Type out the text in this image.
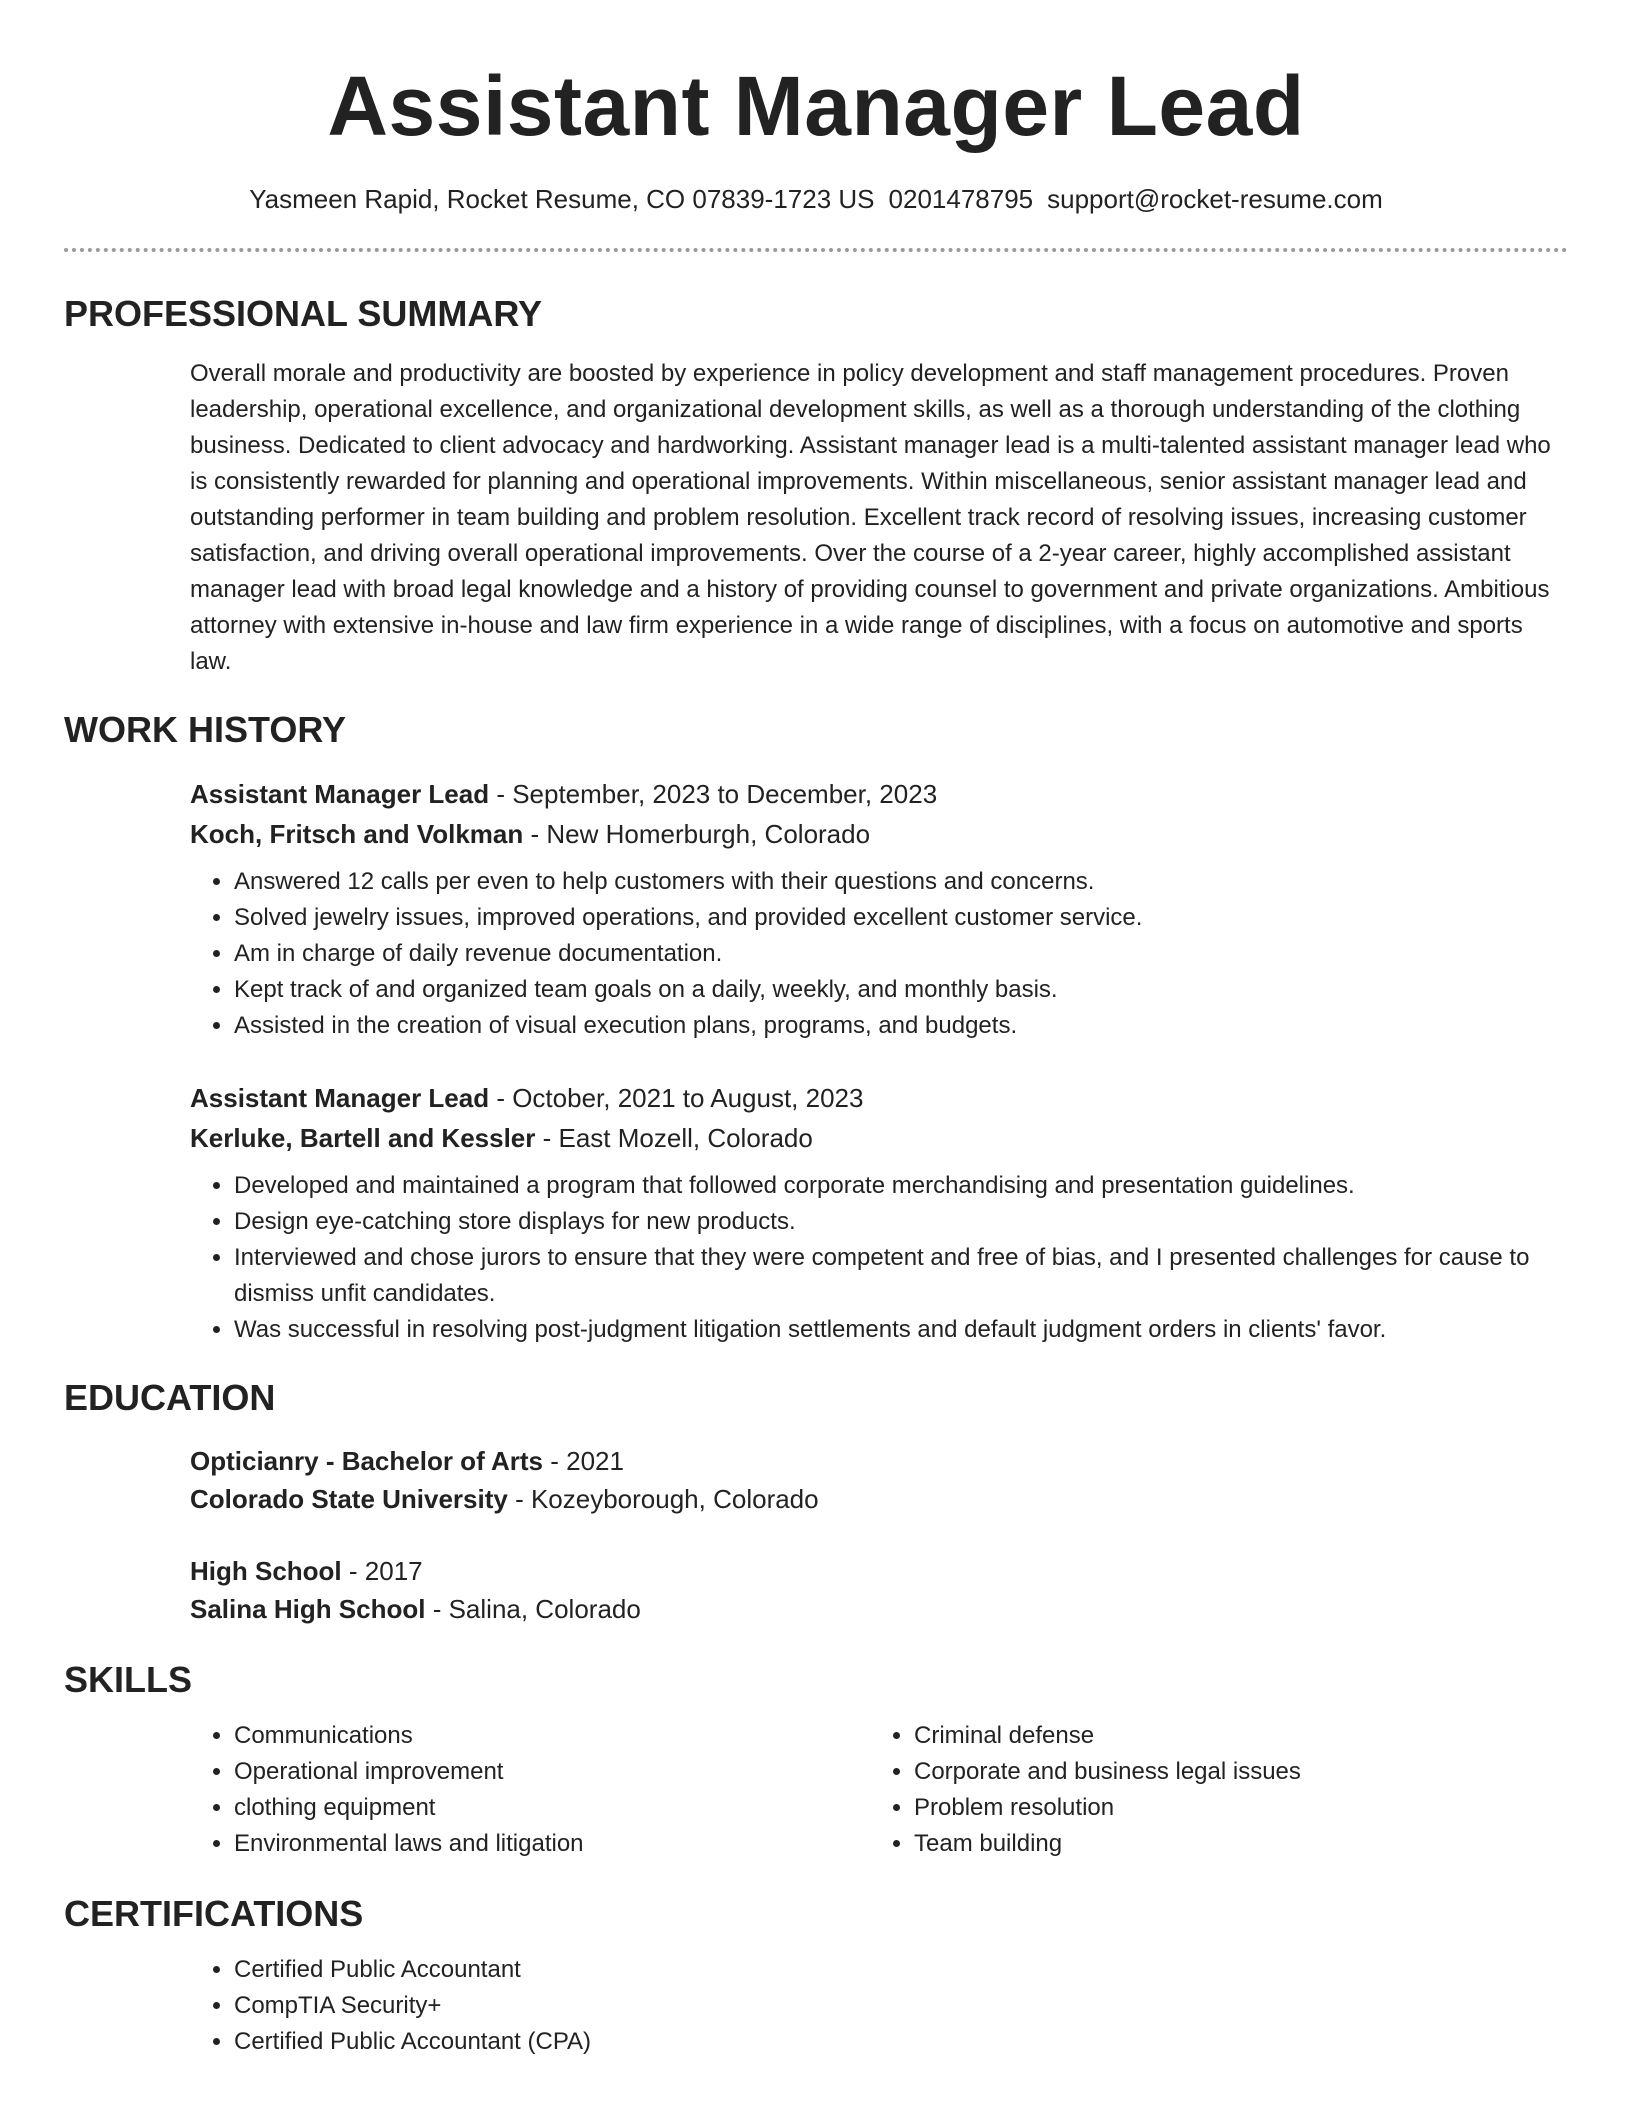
Assistant Manager Lead
Yasmeen Rapid, Rocket Resume, CO 07839-1723 US 0201478795 support@rocket-resume.com
PROFESSIONAL SUMMARY

Overall morale and productivity are boosted by experience in policy development and staff management procedures. Proven leadership, operational excellence, and organizational development skills, as well as a thorough understanding of the clothing business. Dedicated to client advocacy and hardworking. Assistant manager lead is a multi-talented assistant manager lead who is consistently rewarded for planning and operational improvements. Within miscellaneous, senior assistant manager lead and outstanding performer in team building and problem resolution. Excellent track record of resolving issues, increasing customer satisfaction, and driving overall operational improvements. Over the course of a 2-year career, highly accomplished assistant manager lead with broad legal knowledge and a history of providing counsel to government and private organizations. Ambitious attorney with extensive in-house and law firm experience in a wide range of disciplines, with a focus on automotive and sports law.

WORK HISTORY
Assistant Manager Lead - September, 2023 to December, 2023
Koch, Fritsch and Volkman - New Homerburgh, Colorado
• Answered 12 calls per even to help customers with their questions and concerns.
• Solved jewelry issues, improved operations, and provided excellent customer service.
• Am in charge of daily revenue documentation.
• Kept track of and organized team goals on a daily, weekly, and monthly basis.
• Assisted in the creation of visual execution plans, programs, and budgets.
Assistant Manager Lead - October, 2021 to August, 2023
Kerluke, Bartell and Kessler - East Mozell, Colorado
• Developed and maintained a program that followed corporate merchandising and presentation guidelines.
• Design eye-catching store displays for new products.
• Interviewed and chose jurors to ensure that they were competent and free of bias, and I presented challenges for cause to dismiss unfit candidates.
• Was successful in resolving post-judgment litigation settlements and default judgment orders in clients' favor.
EDUCATION
Opticianry - Bachelor of Arts - 2021
Colorado State University - Kozeyborough, Colorado
High School - 2017
Salina High School - Salina, Colorado
SKILLS
• Communications
• Operational improvement
• clothing equipment
• Environmental laws and litigation
• Criminal defense
• Corporate and business legal issues
• Problem resolution
• Team building
CERTIFICATIONS
• Certified Public Accountant
• CompTIA Security+
• Certified Public Accountant (CPA)
